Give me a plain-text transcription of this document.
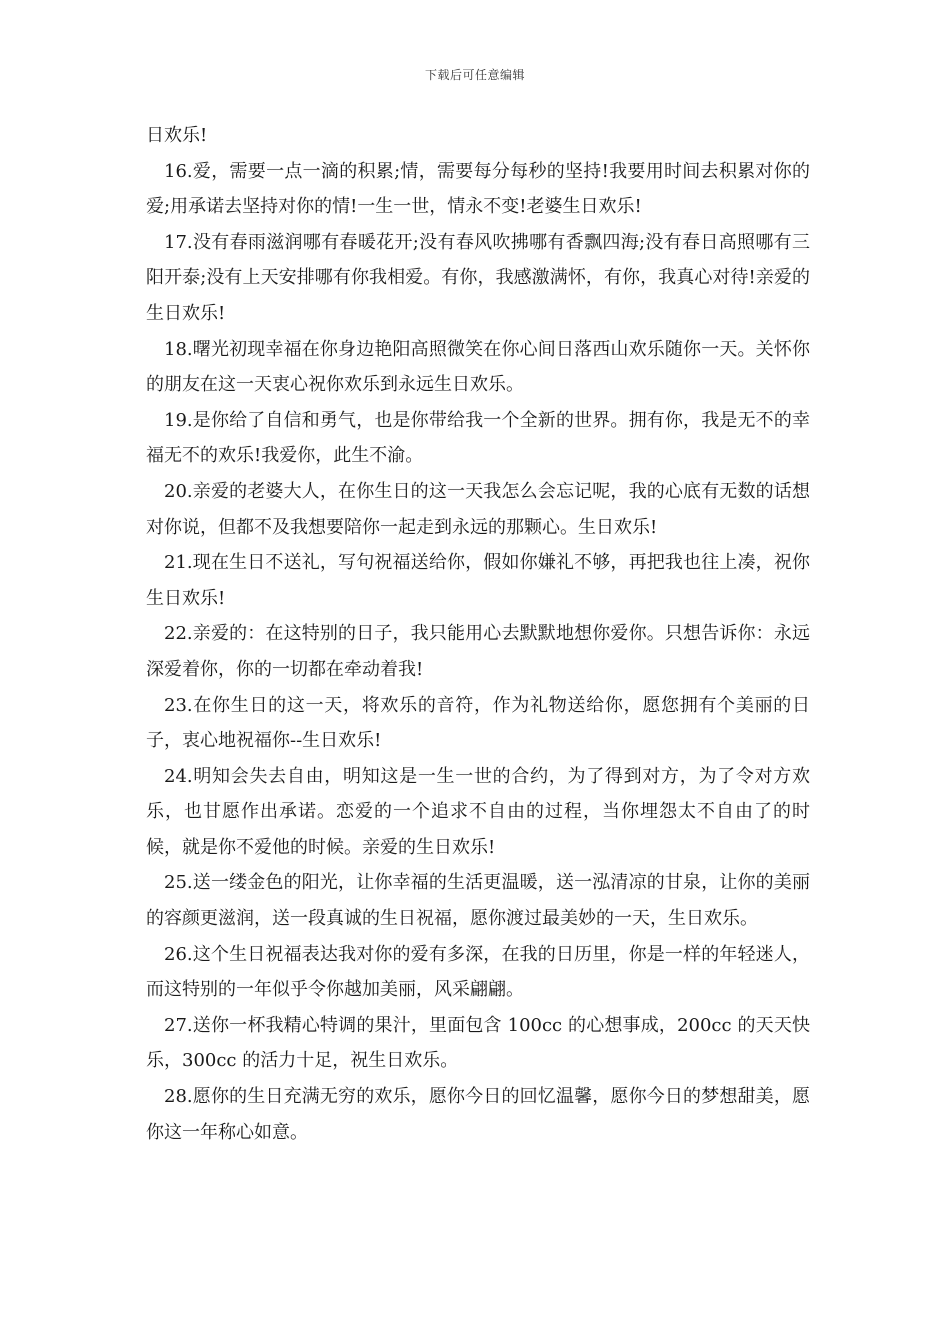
下载后可任意编辑

日欢乐!

16.爱，需要一点一滴的积累;情，需要每分每秒的坚持!我要用时间去积累对你的爱;用承诺去坚持对你的情!一生一世，情永不变!老婆生日欢乐!

17.没有春雨滋润哪有春暖花开;没有春风吹拂哪有香飘四海;没有春日高照哪有三阳开泰;没有上天安排哪有你我相爱。有你，我感激满怀，有你，我真心对待!亲爱的生日欢乐!

18.曙光初现幸福在你身边艳阳高照微笑在你心间日落西山欢乐随你一天。关怀你的朋友在这一天衷心祝你欢乐到永远生日欢乐。

19.是你给了自信和勇气，也是你带给我一个全新的世界。拥有你，我是无不的幸福无不的欢乐!我爱你，此生不渝。

20.亲爱的老婆大人，在你生日的这一天我怎么会忘记呢，我的心底有无数的话想对你说，但都不及我想要陪你一起走到永远的那颗心。生日欢乐!

21.现在生日不送礼，写句祝福送给你，假如你嫌礼不够，再把我也往上凑，祝你生日欢乐!

22.亲爱的：在这特别的日子，我只能用心去默默地想你爱你。只想告诉你：永远深爱着你，你的一切都在牵动着我!

23.在你生日的这一天，将欢乐的音符，作为礼物送给你，愿您拥有个美丽的日子，衷心地祝福你--生日欢乐!

24.明知会失去自由，明知这是一生一世的合约，为了得到对方，为了令对方欢乐，也甘愿作出承诺。恋爱的一个追求不自由的过程，当你埋怨太不自由了的时候，就是你不爱他的时候。亲爱的生日欢乐!

25.送一缕金色的阳光，让你幸福的生活更温暖，送一泓清凉的甘泉，让你的美丽的容颜更滋润，送一段真诚的生日祝福，愿你渡过最美妙的一天，生日欢乐。

26.这个生日祝福表达我对你的爱有多深，在我的日历里，你是一样的年轻迷人，而这特别的一年似乎令你越加美丽，风采翩翩。

27.送你一杯我精心特调的果汁，里面包含 100cc 的心想事成，200cc 的天天快乐，300cc 的活力十足，祝生日欢乐。

28.愿你的生日充满无穷的欢乐，愿你今日的回忆温馨，愿你今日的梦想甜美，愿你这一年称心如意。
